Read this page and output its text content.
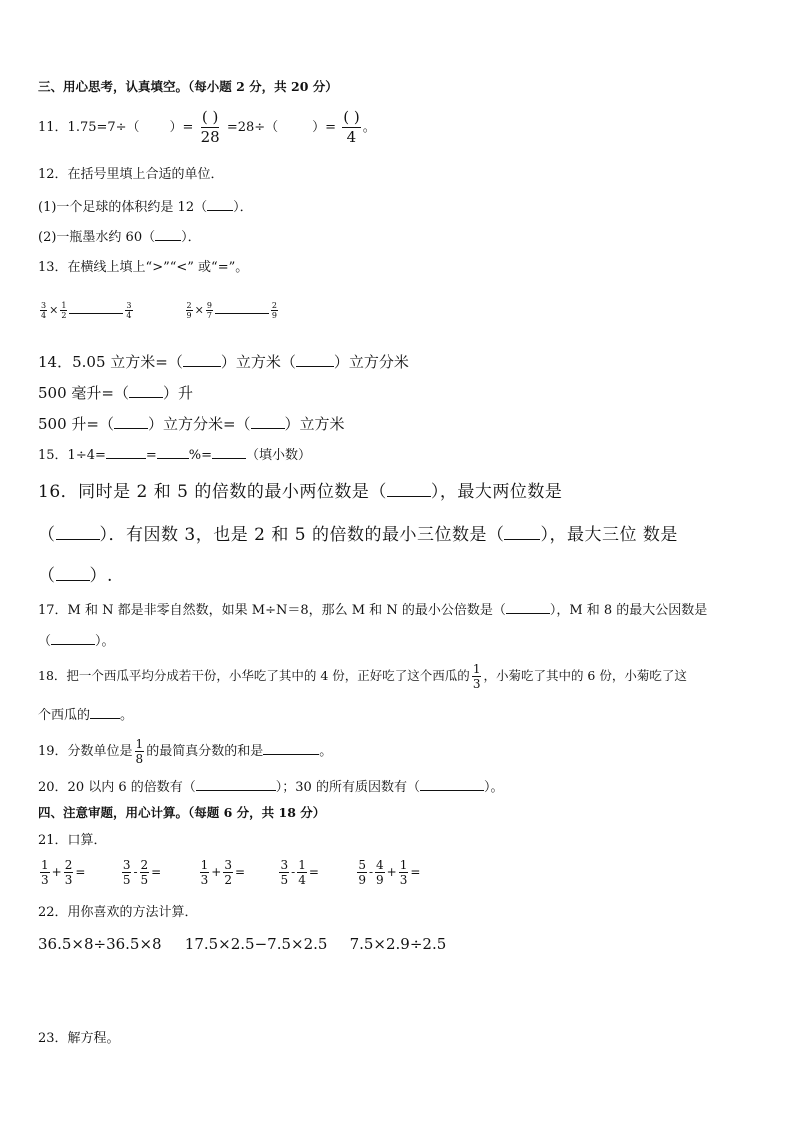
三、用心思考，认真填空。（每小题 2 分，共 20 分）
11．1.75=7÷（ ）= $\frac{( )}{28} =28\div$（	）= $\frac{( )}{4}$ 。
12．在括号里填上合适的单位．
(1)一个足球的体积约是 12（ ）．
(2)一瓶墨水约 60（ ）．
13．在横线上填上“>”“<” 或“=”。
$\frac{3}{4} \times \frac{1}{2}$	$\frac{3}{4}$
	$\frac{2}{9} \times \frac{9}{7}$	$\frac{2}{9}$
14．5.05 立方米=（	）立方米（	）立方分米
500 毫升=（ ）升
500 升=（ ）立方分米=（ ）立方米
15．1÷4=	= %=	（填小数）
16．同时是 2 和 5 的倍数的最小两位数是（	），最大两位数是
（	）．有因数 3，也是 2 和 5 的倍数的最小三位数是（ ），最大三位 数是
（ ）.
17．M 和 N 都是非零自然数，如果 M÷N＝8，那么 M 和 N 的最小公倍数是（	），M 和 8 的最大公因数是
（	）。
18．把一个西瓜平均分成若干份，小华吃了其中的 4 份，正好吃了这个西瓜的 $\frac{1}{3}$ ，小菊吃了其中的 6 份，小菊吃了这
个西瓜的 。
19．分数单位是 $\frac{1}{8}$ 的最简真分数的和是	。
20．20 以内 6 的倍数有（	）；30 的所有质因数有（	）。
四、注意审题，用心计算。（每题 6 分，共 18 分）
21．口算．
$\frac{1}{3} + \frac{2}{3}$ =	$\frac{3}{5} - \frac{2}{5}$ =	$\frac{1}{3} + \frac{3}{2}$ =	$\frac{3}{5} - \frac{1}{4}$ =	$\frac{5}{9} - \frac{4}{9} + \frac{1}{3}$ =
22．用你喜欢的方法计算．
36.5×8÷36.5×8 17.5×2.5−7.5×2.5 7.5×2.9÷2.5
23．解方程。
